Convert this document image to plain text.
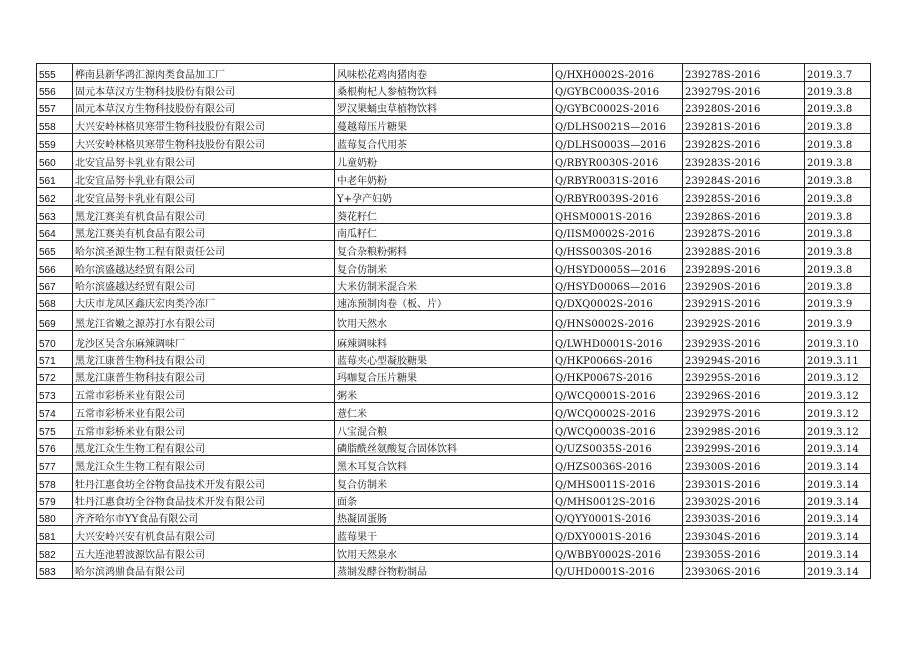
555	桦南县新华鸿汇源肉类食品加工厂	风味松花鸡肉猪肉卷	Q/HXH0002S-2016	239278S-2016	2019.3.7
556	固元本草汉方生物科技股份有限公司	桑根枸杞人参植物饮料	Q/GYBC0003S-2016	239279S-2016	2019.3.8
557	固元本草汉方生物科技股份有限公司	罗汉果蛹虫草植物饮料	Q/GYBC0002S-2016	239280S-2016	2019.3.8
558	大兴安岭林格贝寒带生物科技股份有限公司	蔓越莓压片糖果	Q/DLHS0021S—2016	239281S-2016	2019.3.8
559	大兴安岭林格贝寒带生物科技股份有限公司	蓝莓复合代用茶	Q/DLHS0003S—2016	239282S-2016	2019.3.8
560	北安宜品努卡乳业有限公司	儿童奶粉	Q/RBYR0030S-2016	239283S-2016	2019.3.8
561	北安宜品努卡乳业有限公司	中老年奶粉	Q/RBYR0031S-2016	239284S-2016	2019.3.8
562	北安宜品努卡乳业有限公司	Y+孕产妇奶	Q/RBYR0039S-2016	239285S-2016	2019.3.8
563	黑龙江赛美有机食品有限公司	葵花籽仁	QHSM0001S-2016	239286S-2016	2019.3.8
564	黑龙江赛美有机食品有限公司	南瓜籽仁	Q/IISM0002S-2016	239287S-2016	2019.3.8
565	哈尔滨圣源生物工程有限责任公司	复合杂粮粉粥料	Q/HSS0030S-2016	239288S-2016	2019.3.8
566	哈尔滨盛越达经贸有限公司	复合仿制米	Q/HSYD0005S—2016	239289S-2016	2019.3.8
567	哈尔滨盛越达经贸有限公司	大米仿制米混合米	Q/HSYD0006S—2016	239290S-2016	2019.3.8
568	大庆市龙凤区鑫庆宏肉类冷冻厂	速冻预制肉卷（板、片）	Q/DXQ0002S-2016	239291S-2016	2019.3.9
569	黑龙江省嫩之源苏打水有限公司	饮用天然水	Q/HNS0002S-2016	239292S-2016	2019.3.9
570	龙沙区吴含东麻辣调味厂	麻辣调味料	Q/LWHD0001S-2016	239293S-2016	2019.3.10
571	黑龙江康普生物科技有限公司	蓝莓夹心型凝胶糖果	Q/HKP0066S-2016	239294S-2016	2019.3.11
572	黑龙江康普生物科技有限公司	玛咖复合压片糖果	Q/HKP0067S-2016	239295S-2016	2019.3.12
573	五常市彩桥米业有限公司	粥米	Q/WCQ0001S-2016	239296S-2016	2019.3.12
574	五常市彩桥米业有限公司	薏仁米	Q/WCQ0002S-2016	239297S-2016	2019.3.12
575	五常市彩桥米业有限公司	八宝混合粮	Q/WCQ0003S-2016	239298S-2016	2019.3.12
576	黑龙江众生生物工程有限公司	磷脂酰丝氨酸复合固体饮料	Q/UZS0035S-2016	239299S-2016	2019.3.14
577	黑龙江众生生物工程有限公司	黑木耳复合饮料	Q/HZS0036S-2016	239300S-2016	2019.3.14
578	牡丹江惠食坊全谷物食品技术开发有限公司	复合仿制米	Q/MHS0011S-2016	239301S-2016	2019.3.14
579	牡丹江惠食坊全谷物食品技术开发有限公司	面条	Q/MHS0012S-2016	239302S-2016	2019.3.14
580	齐齐哈尔市YY食品有限公司	热凝固蛋肠	Q/QYY0001S-2016	239303S-2016	2019.3.14
581	大兴安岭兴安有机食品有限公司	蓝莓果干	Q/DXY0001S-2016	239304S-2016	2019.3.14
582	五大连池碧波源饮品有限公司	饮用天然泉水	Q/WBBY0002S-2016	239305S-2016	2019.3.14
583	哈尔滨鸿鼎食品有限公司	蒸制发酵谷物粉制品	Q/UHD0001S-2016	239306S-2016	2019.3.14
